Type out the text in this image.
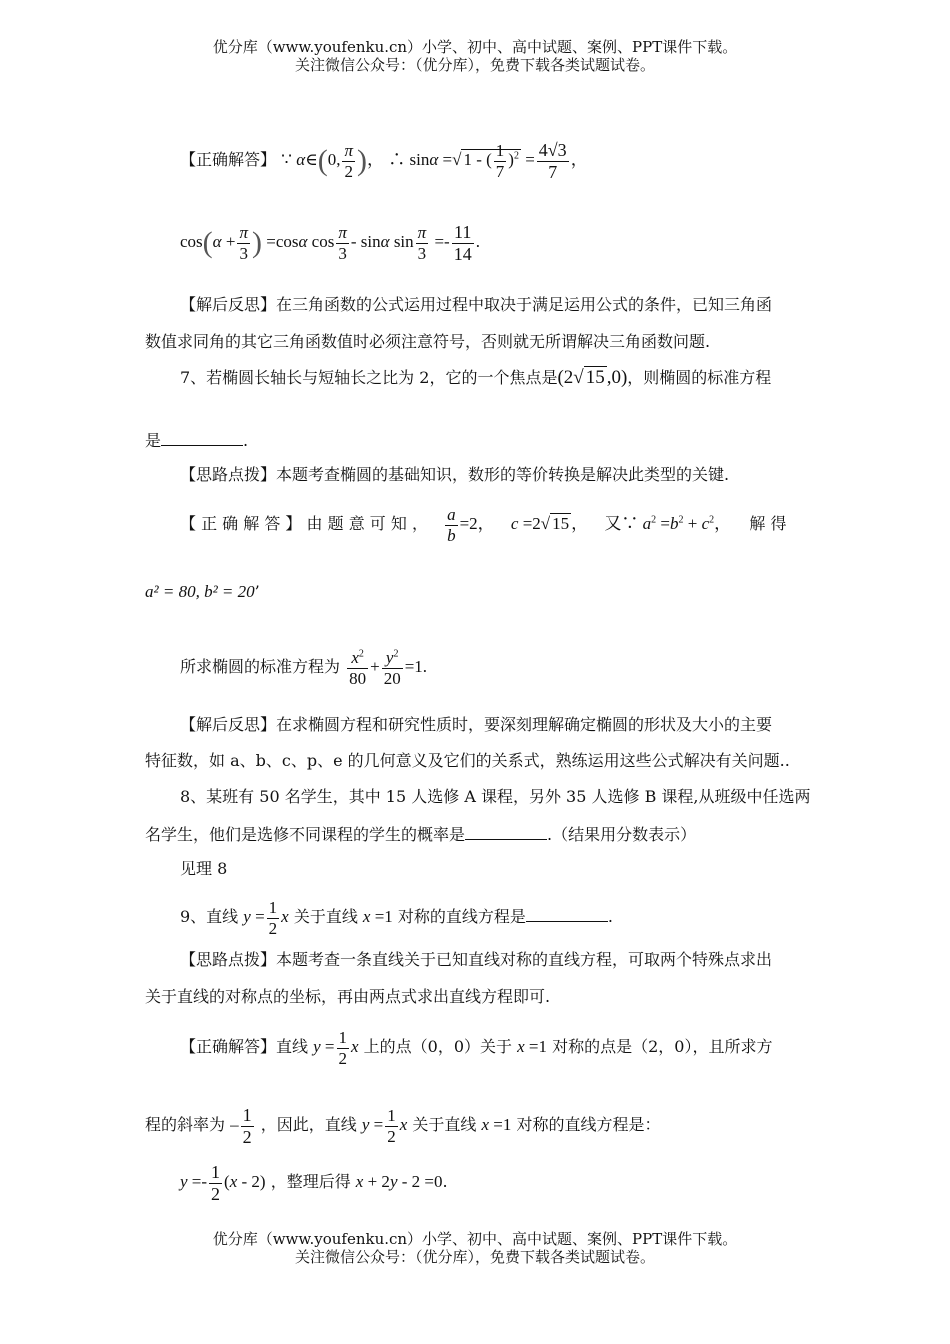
优分库（www.youfenku.cn）小学、初中、高中试题、案例、PPT课件下载。
关注微信公众号：（优分库），免费下载各类试题试卷。
【正确解答】 ∵ α∈(0, $\frac{\pi}{2}$ )， ∴ sinα =√ 1 - ( $\frac{1}{7} )^2 = \frac{4√3}{7}$ ，
$\cos(\alpha + \frac{\pi}{3}$ ) =cosα $\cos \frac{\pi}{3}$ - sinα $\sin \frac{\pi}{3} =- \frac{11}{14}$ .
【解后反思】在三角函数的公式运用过程中取决于满足运用公式的条件，已知三角函
数值求同角的其它三角函数值时必须注意符号，否则就无所谓解决三角函数问题.
7、若椭圆长轴长与短轴长之比为 2，它的一个焦点是(2√ 15 ,0)，则椭圆的标准方程
是	.
【思路点拨】本题考查椭圆的基础知识，数形的等价转换是解决此类型的关键.
【 正 确 解 答 】 由 题 意 可 知 ， $\frac{a}{b} =2$， c =2√ 15 ， 又∵ $a^2 =b^2 + c^2$， 解 得
a² = 80, b² = 20’
所求椭圆的标准方程为 $\frac{x^2}{80} + \frac{y^2}{20} =1$.
【解后反思】在求椭圆方程和研究性质时，要深刻理解确定椭圆的形状及大小的主要
特征数，如 a、b、c、p、e 的几何意义及它们的关系式，熟练运用这些公式解决有关问题..
8、某班有 50 名学生，其中 15 人选修 A 课程，另外 35 人选修 B 课程,从班级中任选两
名学生，他们是选修不同课程的学生的概率是	.（结果用分数表示）
见理 8
9、直线 $y = \frac{1}{2}$ x 关于直线 x =1 对称的直线方程是	.
【思路点拨】本题考查一条直线关于已知直线对称的直线方程，可取两个特殊点求出
关于直线的对称点的坐标，再由两点式求出直线方程即可.
【正确解答】直线 $y = \frac{1}{2}$ x 上的点（0，0）关于 x =1 对称的点是（2，0），且所求方
程的斜率为 – $\frac{1}{2}$ ，因此，直线 $y = \frac{1}{2}$ x 关于直线 x =1 对称的直线方程是：
$y =- \frac{1}{2} (x - 2)$ ，整理后得 x + 2y - 2 =0.
优分库（www.youfenku.cn）小学、初中、高中试题、案例、PPT课件下载。
关注微信公众号：（优分库），免费下载各类试题试卷。
